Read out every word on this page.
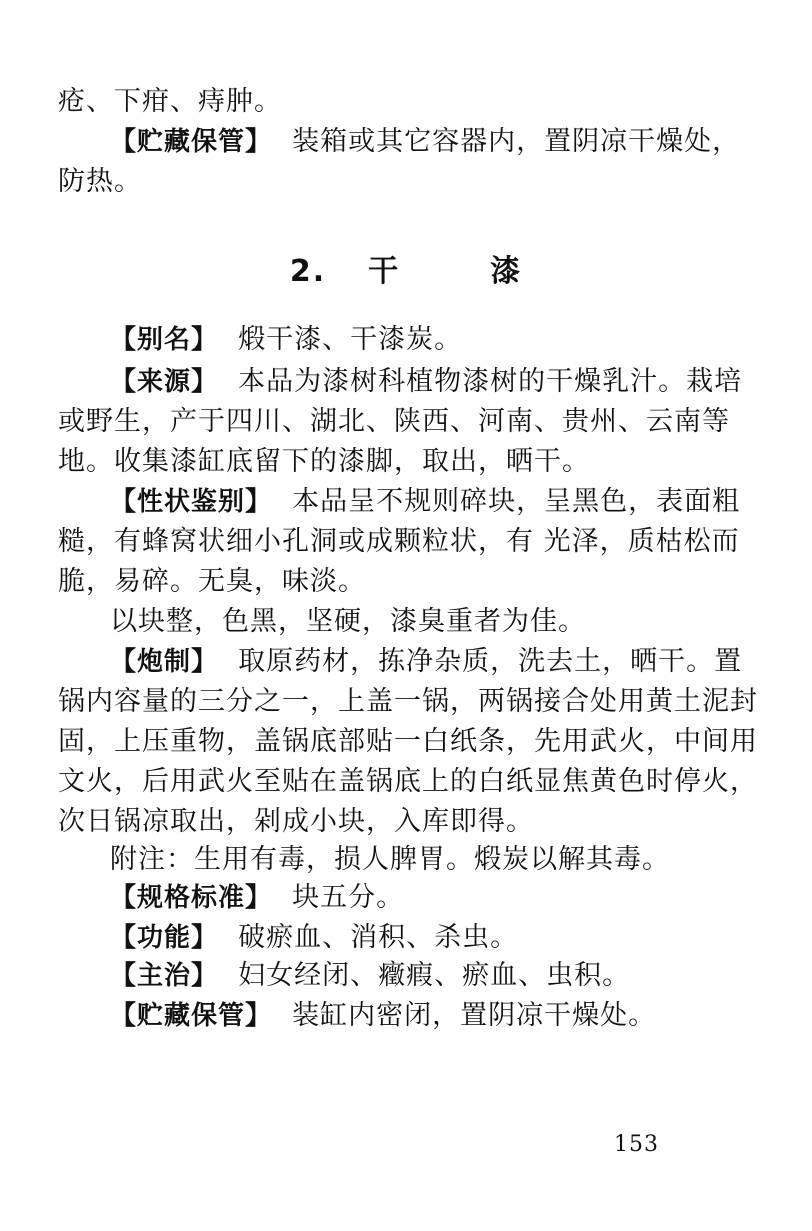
疮、下疳、痔肿。
【贮藏保管】 装箱或其它容器内，置阴凉干燥处，
防热。
2. 干	漆
【别名】 煅干漆、干漆炭。
【来源】 本品为漆树科植物漆树的干燥乳汁。栽培
或野生，产于四川、湖北、陕西、河南、贵州、云南等
地。收集漆缸底留下的漆脚，取出，晒干。
【性状鉴别】 本品呈不规则碎块，呈黑色，表面粗
糙，有蜂窝状细小孔洞或成颗粒状，有 光泽，质枯松而
脆，易碎。无臭，味淡。
以块整，色黑，坚硬，漆臭重者为佳。
【炮制】 取原药材，拣净杂质，洗去土，晒干。置
锅内容量的三分之一，上盖一锅，两锅接合处用黄土泥封
固，上压重物，盖锅底部贴一白纸条，先用武火，中间用
文火，后用武火至贴在盖锅底上的白纸显焦黄色时停火，
次日锅凉取出，剁成小块，入库即得。
附注：生用有毒，损人脾胃。煅炭以解其毒。
【规格标准】 块五分。
【功能】 破瘀血、消积、杀虫。
【主治】 妇女经闭、癥瘕、瘀血、虫积。
【贮藏保管】 装缸内密闭，置阴凉干燥处。
153
